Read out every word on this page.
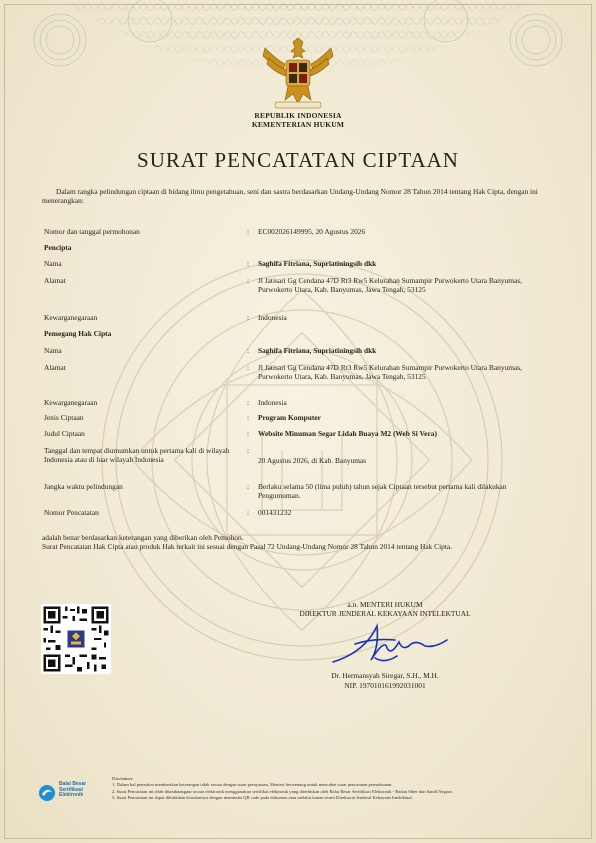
REPUBLIK INDONESIA
KEMENTERIAN HUKUM
SURAT PENCATATAN CIPTAAN
Dalam rangka pelindungan ciptaan di bidang ilmu pengetahuan, seni dan sastra berdasarkan Undang-Undang Nomor 28 Tahun 2014 tentang Hak Cipta, dengan ini menerangkan:
Nomor dan tanggal permohonan	: EC002026149995, 20 Agustus 2026
Pencipta
Nama	: Saghifa Fitriana, Supriatiningsih dkk
Alamat	: Jl Jatisari Gg Cendana 47D Rt3 Rw5 Kelurahan Sumampir Purwokerto Utara Banyumas, Purwokerto Utara, Kab. Banyumas, Jawa Tengah, 53125
Kewarganegaraan	: Indonesia
Pemegang Hak Cipta
Nama	: Saghifa Fitriana, Supriatiningsih dkk
Alamat	: Jl Jatisari Gg Cendana 47D Rt3 Rw5 Kelurahan Sumampir Purwokerto Utara Banyumas, Purwokerto Utara, Kab. Banyumas, Jawa Tengah, 53125
Kewarganegaraan	: Indonesia
Jenis Ciptaan	: Program Komputer
Judul Ciptaan	: Website Minuman Segar Lidah Buaya M2 (Web Si Vera)
Tanggal dan tempat diumumkan untuk pertama kali di wilayah Indonesia atau di luar wilayah Indonesia
:
20 Agustus 2026, di Kab. Banyumas
Jangka waktu pelindungan	: Berlaku selama 50 (lima puluh) tahun sejak Ciptaan tersebut pertama kali dilakukan Pengumuman.
Nomor Pencatatan	: 001431232
adalah benar berdasarkan keterangan yang diberikan oleh Pemohon.
Surat Pencatatan Hak Cipta atau produk Hak terkait ini sesuai dengan Pasal 72 Undang-Undang Nomor 28 Tahun 2014 tentang Hak Cipta.
a.n. MENTERI HUKUM
DIREKTUR JENDERAL KEKAYAAN INTELEKTUAL
Dr. Hermansyah Siregar, S.H., M.H.
NIP. 197010161992031001
Balai Besar
Sertifikasi
Elektronik
Disclaimer:
1. Dalam hal pemohon memberikan keterangan tidak sesuai dengan surat pernyataan, Menteri berwenang untuk mencabut surat pencatatan permohonan.
2. Surat Pencatatan ini telah ditandatangani secara elektronik menggunakan sertifikat elektronik yang diterbitkan oleh Balai Besar Sertifikasi Elektronik - Badan Siber dan Sandi Negara.
3. Surat Pencatatan ini dapat dibuktikan keasliannya dengan memindai QR code pada dokumen atau melalui laman resmi Direktorat Jenderal Kekayaan Intelektual.
